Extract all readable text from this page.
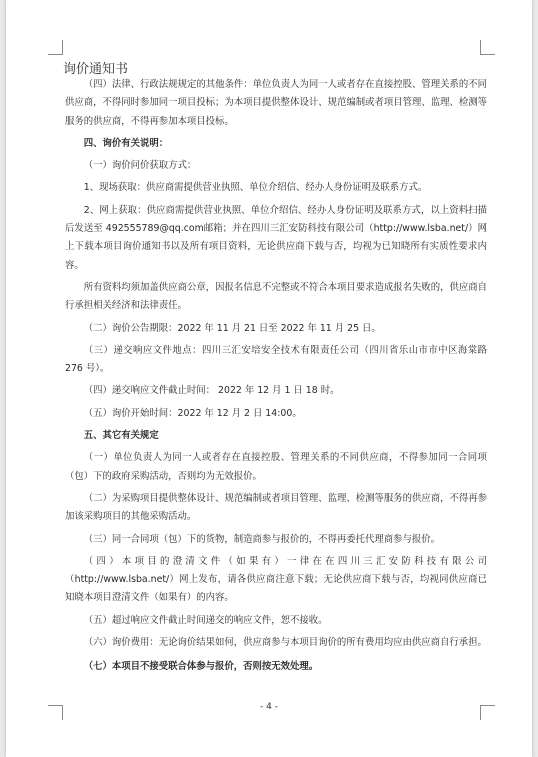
询价通知书

（四）法律、行政法规规定的其他条件：单位负责人为同一人或者存在直接控股、管理关系的不同供应商，不得同时参加同一项目投标；为本项目提供整体设计、规范编制或者项目管理、监理、检测等服务的供应商，不得再参加本项目投标。

四、询价有关说明：

（一）询价问价获取方式：

1、现场获取：供应商需提供营业执照、单位介绍信、经办人身份证明及联系方式。

2、网上获取：供应商需提供营业执照、单位介绍信、经办人身份证明及联系方式，以上资料扫描后发送至 492555789@qq.com邮箱；并在四川三汇安防科技有限公司（http://www.lsba.net/）网上下载本项目询价通知书以及所有项目资料，无论供应商下载与否，均视为已知晓所有实质性要求内容。

所有资料均须加盖供应商公章，因报名信息不完整或不符合本项目要求造成报名失败的，供应商自行承担相关经济和法律责任。

（二）询价公告期限：2022 年 11 月 21 日至 2022 年 11 月 25 日。

（三）递交响应文件地点：四川三汇安培安全技术有限责任公司（四川省乐山市市中区海棠路 276 号）。

（四）递交响应文件截止时间： 2022 年 12 月 1 日 18 时。

（五）询价开始时间：2022 年 12 月 2 日 14:00。

五、其它有关规定

（一）单位负责人为同一人或者存在直接控股、管理关系的不同供应商，不得参加同一合同项（包）下的政府采购活动，否则均为无效报价。

（二）为采购项目提供整体设计、规范编制或者项目管理、监理、检测等服务的供应商，不得再参加该采购项目的其他采购活动。

（三）同一合同项（包）下的货物，制造商参与报价的，不得再委托代理商参与报价。

（四）本项目的澄清文件（如果有）一律在在四川三汇安防科技有限公司（http://www.lsba.net/）网上发布，请各供应商注意下载；无论供应商下载与否，均视同供应商已知晓本项目澄清文件（如果有）的内容。

（五）超过响应文件截止时间递交的响应文件，恕不接收。

（六）询价费用：无论询价结果如何，供应商参与本项目询价的所有费用均应由供应商自行承担。

（七）本项目不接受联合体参与报价，否则按无效处理。

- 4 -
